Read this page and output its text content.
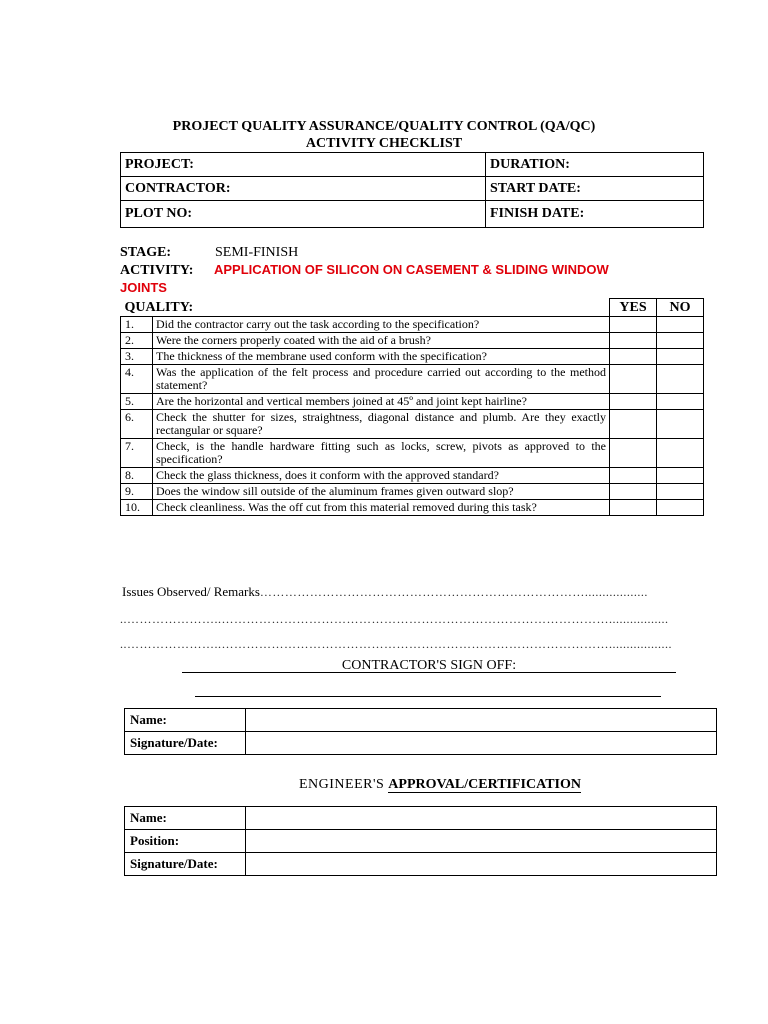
PROJECT QUALITY ASSURANCE/QUALITY CONTROL (QA/QC)
ACTIVITY CHECKLIST
PROJECT:	DURATION:
CONTRACTOR:	START DATE:
PLOT NO:	FINISH DATE:
STAGE:	SEMI-FINISH
ACTIVITY: APPLICATION OF SILICON ON CASEMENT & SLIDING WINDOW
JOINTS
QUALITY:		YES	NO
1.	Did the contractor carry out the task according to the specification?		
2.	Were the corners properly coated with the aid of a brush?		
3.	The thickness of the membrane used conform with the specification?		
4.	Was the application of the felt process and procedure carried out according to the method statement?		
5.	Are the horizontal and vertical members joined at 45º and joint kept hairline?		
6.	Check the shutter for sizes, straightness, diagonal distance and plumb. Are they exactly rectangular or square?		
7.	Check, is the handle hardware fitting such as locks, screw, pivots as approved to the specification?		
8.	Check the glass thickness, does it conform with the approved standard?		
9.	Does the window sill outside of the aluminum frames given outward slop?		
10.	Check cleanliness. Was the off cut from this material removed during this task?		
Issues Observed/ Remarks……………………………………………………………………..................
..…………………..………………………………………………………………………………….................
..…………………..…………………………………………………………………………………..................
CONTRACTOR'S SIGN OFF:
Name:	
Signature/Date:	
ENGINEER'S APPROVAL/CERTIFICATION
Name:	
Position:	
Signature/Date:	
